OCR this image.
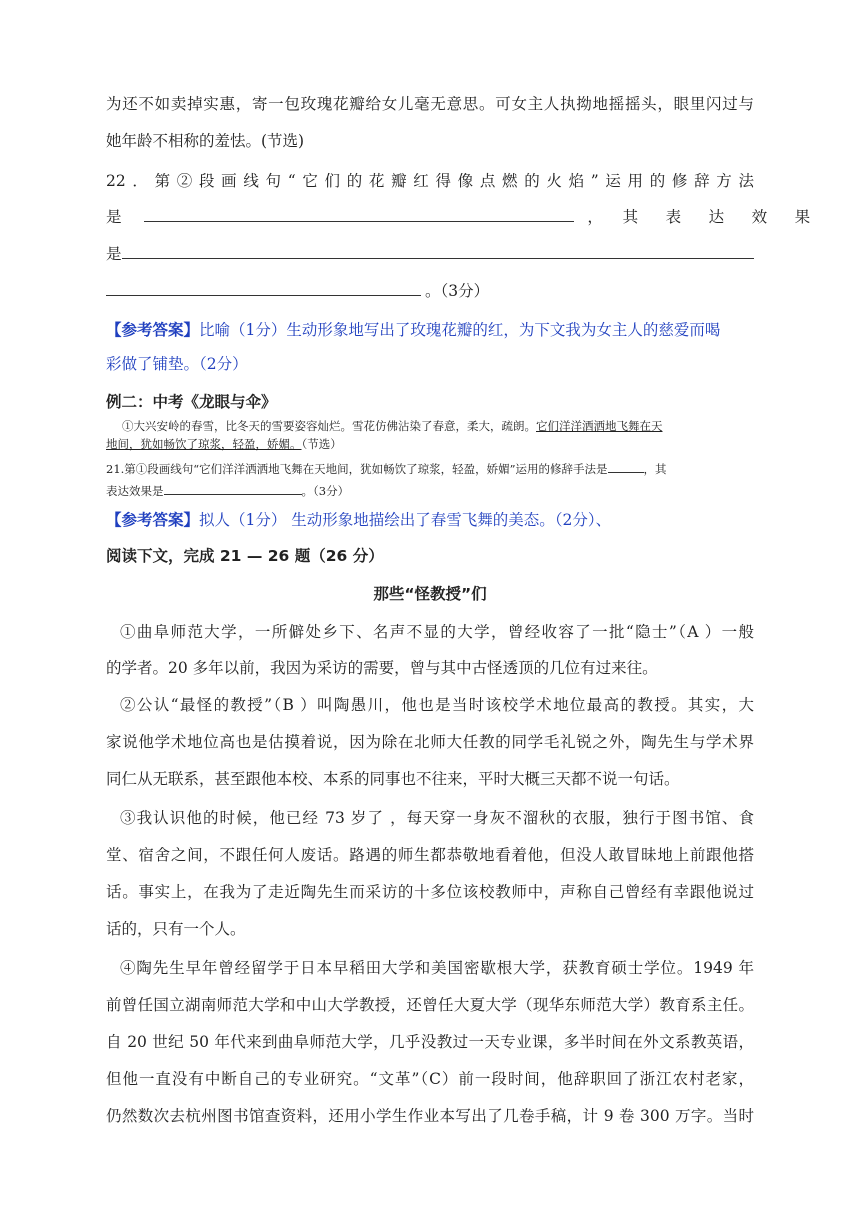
为还不如卖掉实惠，寄一包玫瑰花瓣给女儿毫无意思。可女主人执拗地摇摇头，眼里闪过与
她年龄不相称的羞怯。(节选)
22．第②段画线句“它们的花瓣红得像点燃的火焰”运用的修辞方法
是	，　其　表　达　效　果
是
。（3分）
【参考答案】比喻（1分）生动形象地写出了玫瑰花瓣的红，为下文我为女主人的慈爱而喝
彩做了铺垫。（2分）
例二：中考《龙眼与伞》
①大兴安岭的春雪，比冬天的雪要姿容灿烂。雪花仿佛沾染了春意，柔大，疏朗。它们洋洋洒洒地飞舞在天
地间，犹如畅饮了琼浆，轻盈，娇媚。（节选）
21.第①段画线句“它们洋洋洒洒地飞舞在天地间，犹如畅饮了琼浆，轻盈，娇媚”运用的修辞手法是	，其
表达效果是	。（3分）
【参考答案】拟人（1分） 生动形象地描绘出了春雪飞舞的美态。（2分）、
阅读下文，完成 21 — 26 题（26 分）
那些“怪教授”们
①曲阜师范大学，一所僻处乡下、名声不显的大学，曾经收容了一批“隐士”（A ）一般
的学者。20 多年以前，我因为采访的需要，曾与其中古怪透顶的几位有过来往。
②公认“最怪的教授”（B ）叫陶愚川，他也是当时该校学术地位最高的教授。其实，大
家说他学术地位高也是估摸着说，因为除在北师大任教的同学毛礼锐之外，陶先生与学术界
同仁从无联系，甚至跟他本校、本系的同事也不往来，平时大概三天都不说一句话。
③我认识他的时候，他已经 73 岁了 ，每天穿一身灰不溜秋的衣服，独行于图书馆、食
堂、宿舍之间，不跟任何人废话。路遇的师生都恭敬地看着他，但没人敢冒昧地上前跟他搭
话。事实上，在我为了走近陶先生而采访的十多位该校教师中，声称自己曾经有幸跟他说过
话的，只有一个人。
④陶先生早年曾经留学于日本早稻田大学和美国密歇根大学，获教育硕士学位。1949 年
前曾任国立湖南师范大学和中山大学教授，还曾任大夏大学（现华东师范大学）教育系主任。
自 20 世纪 50 年代来到曲阜师范大学，几乎没教过一天专业课，多半时间在外文系教英语，
但他一直没有中断自己的专业研究。“文革”（C）前一段时间，他辞职回了浙江农村老家，
仍然数次去杭州图书馆查资料，还用小学生作业本写出了几卷手稿，计 9 卷 300 万字。当时
